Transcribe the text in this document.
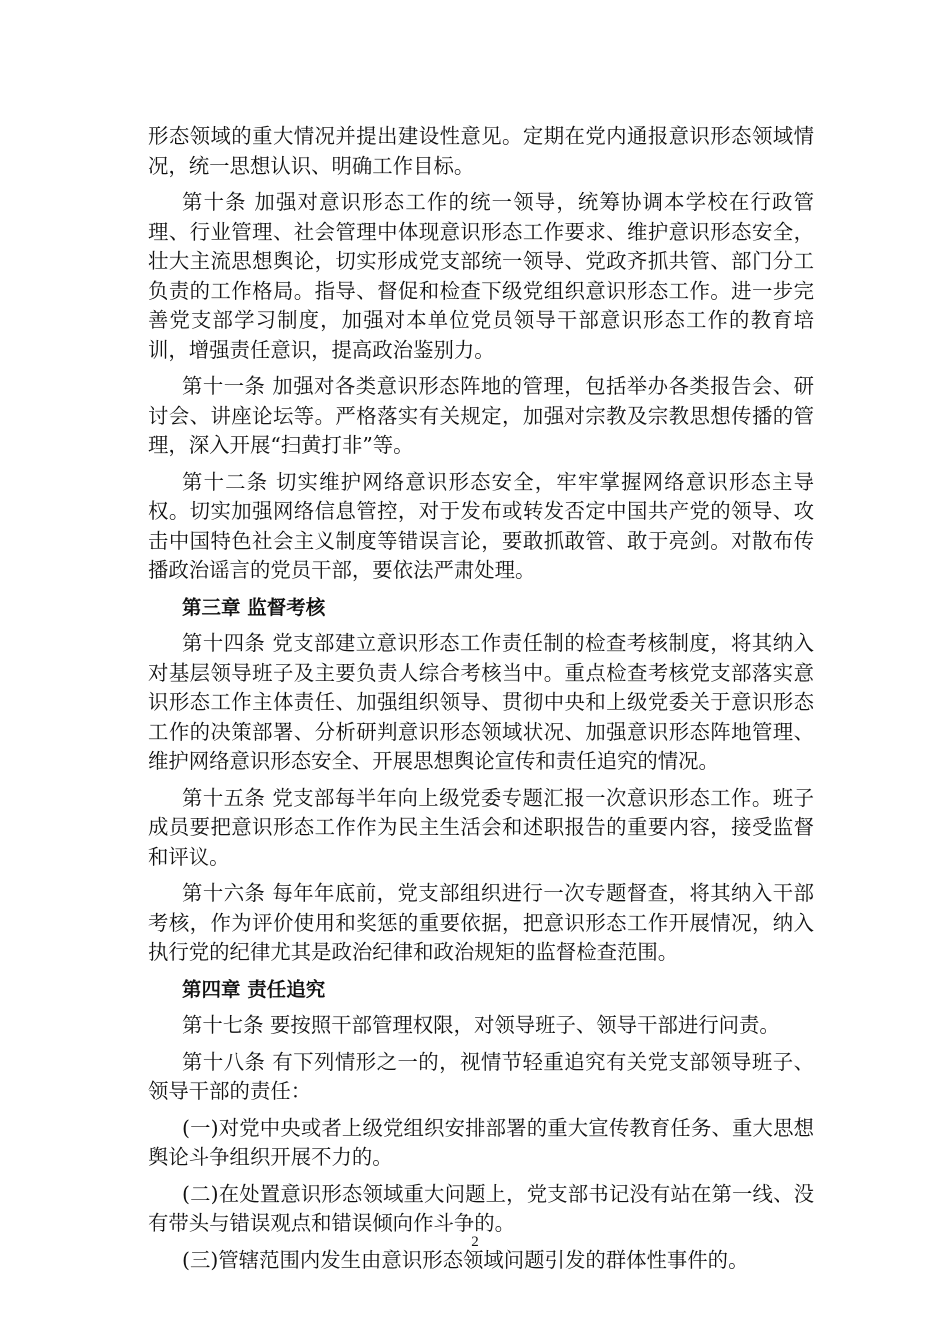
形态领域的重大情况并提出建设性意见。定期在党内通报意识形态领域情况，统一思想认识、明确工作目标。

第十条 加强对意识形态工作的统一领导，统筹协调本学校在行政管理、行业管理、社会管理中体现意识形态工作要求、维护意识形态安全，壮大主流思想舆论，切实形成党支部统一领导、党政齐抓共管、部门分工负责的工作格局。指导、督促和检查下级党组织意识形态工作。进一步完善党支部学习制度，加强对本单位党员领导干部意识形态工作的教育培训，增强责任意识，提高政治鉴别力。

第十一条 加强对各类意识形态阵地的管理，包括举办各类报告会、研讨会、讲座论坛等。严格落实有关规定，加强对宗教及宗教思想传播的管理，深入开展“扫黄打非”等。

第十二条 切实维护网络意识形态安全，牢牢掌握网络意识形态主导权。切实加强网络信息管控，对于发布或转发否定中国共产党的领导、攻击中国特色社会主义制度等错误言论，要敢抓敢管、敢于亮剑。对散布传播政治谣言的党员干部，要依法严肃处理。

第三章 监督考核

第十四条 党支部建立意识形态工作责任制的检查考核制度，将其纳入对基层领导班子及主要负责人综合考核当中。重点检查考核党支部落实意识形态工作主体责任、加强组织领导、贯彻中央和上级党委关于意识形态工作的决策部署、分析研判意识形态领域状况、加强意识形态阵地管理、维护网络意识形态安全、开展思想舆论宣传和责任追究的情况。

第十五条 党支部每半年向上级党委专题汇报一次意识形态工作。班子成员要把意识形态工作作为民主生活会和述职报告的重要内容，接受监督和评议。

第十六条 每年年底前，党支部组织进行一次专题督查，将其纳入干部考核，作为评价使用和奖惩的重要依据，把意识形态工作开展情况，纳入执行党的纪律尤其是政治纪律和政治规矩的监督检查范围。

第四章 责任追究

第十七条 要按照干部管理权限，对领导班子、领导干部进行问责。

第十八条 有下列情形之一的，视情节轻重追究有关党支部领导班子、领导干部的责任：

(一)对党中央或者上级党组织安排部署的重大宣传教育任务、重大思想舆论斗争组织开展不力的。

(二)在处置意识形态领域重大问题上，党支部书记没有站在第一线、没有带头与错误观点和错误倾向作斗争的。

(三)管辖范围内发生由意识形态领域问题引发的群体性事件的。

2
